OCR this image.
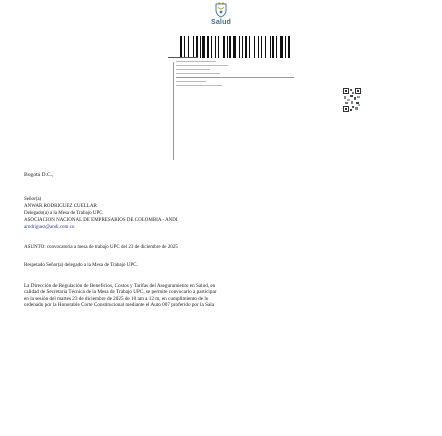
Salud
Bogotá D.C.,
Señor(a)
ANWAR RODRIGUEZ CUELLAR
Delegado(a) a la Mesa de Trabajo UPC
ASOCIACION NACIONAL DE EMPRESARIOS DE COLOMBIA - ANDI
arodriguez@andi.com.co
ASUNTO: convocatoria a mesa de trabajo UPC del 23 de diciembre de 2025
Respetado Señor(a) delegado a la Mesa de Trabajo UPC.
La Dirección de Regulación de Beneficios, Costos y Tarifas del Aseguramiento en Salud, en
calidad de Secretaria Técnica de la Mesa de Trabajo UPC, se permite convocarlo a participar
en la sesión del martes 23 de diciembre de 2025 de 10 am a 12 m, en cumplimiento de lo
ordenado por la Honorable Corte Constitucional mediante el Auto 007 proferido por la Sala
